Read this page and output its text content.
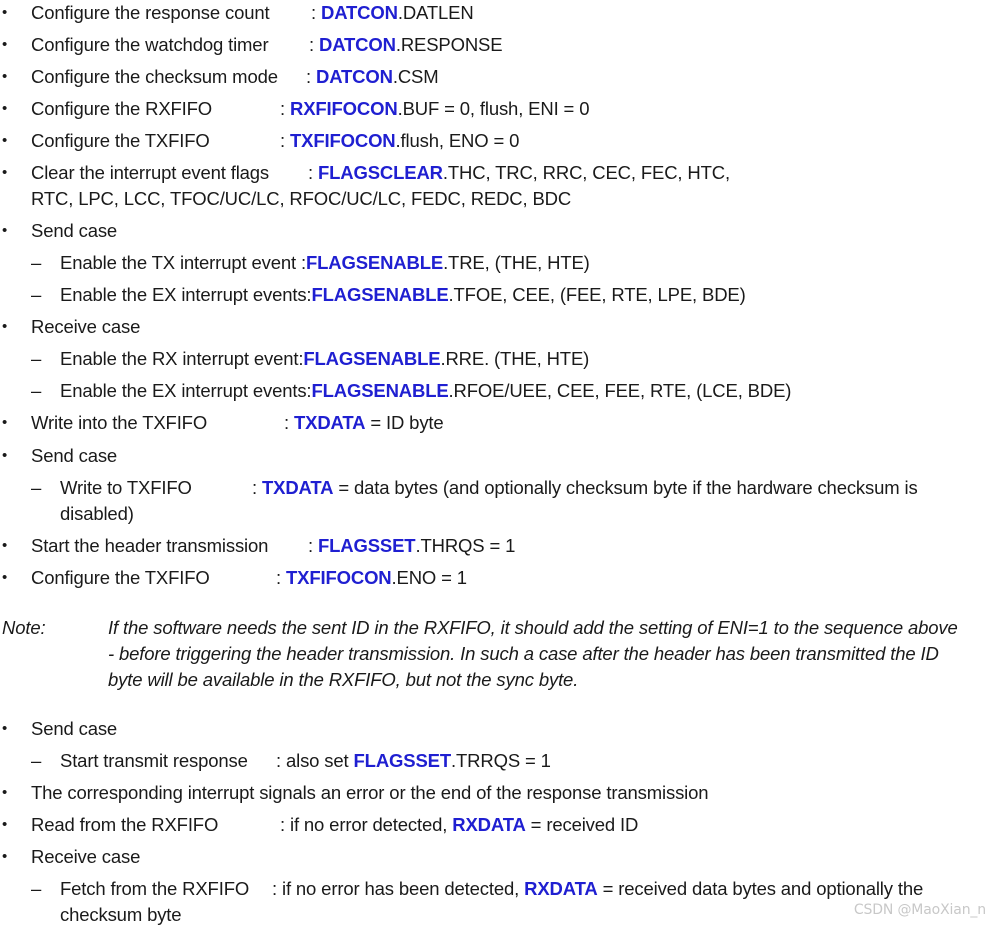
• Configure the response count : DATCON.DATLEN
• Configure the watchdog timer : DATCON.RESPONSE
• Configure the checksum mode : DATCON.CSM
• Configure the RXFIFO	: RXFIFOCON.BUF = 0, flush, ENI = 0
• Configure the TXFIFO	: TXFIFOCON.flush, ENO = 0
• Clear the interrupt event flags : FLAGSCLEAR.THC, TRC, RRC, CEC, FEC, HTC,
RTC, LPC, LCC, TFOC/UC/LC, RFOC/UC/LC, FEDC, REDC, BDC
• Send case
– Enable the TX interrupt event : FLAGSENABLE.TRE, (THE, HTE)
– Enable the EX interrupt events: FLAGSENABLE.TFOE, CEE, (FEE, RTE, LPE, BDE)
• Receive case
– Enable the RX interrupt event: FLAGSENABLE.RRE. (THE, HTE)
– Enable the EX interrupt events: FLAGSENABLE.RFOE/UEE, CEE, FEE, RTE, (LCE, BDE)
• Write into the TXFIFO	: TXDATA = ID byte
• Send case
– Write to TXFIFO	: TXDATA = data bytes (and optionally checksum byte if the hardware checksum is
disabled)
• Start the header transmission : FLAGSSET.THRQS = 1
• Configure the TXFIFO	: TXFIFOCON.ENO = 1
Note:	If the software needs the sent ID in the RXFIFO, it should add the setting of ENI=1 to the sequence above - before triggering the header transmission. In such a case after the header has been transmitted the ID byte will be available in the RXFIFO, but not the sync byte.
• Send case
– Start transmit response : also set FLAGSSET.TRRQS = 1
• The corresponding interrupt signals an error or the end of the response transmission
• Read from the RXFIFO	: if no error detected, RXDATA = received ID
• Receive case
– Fetch from the RXFIFO : if no error has been detected, RXDATA = received data bytes and optionally the
checksum byte	CSDN @MaoXian_n
